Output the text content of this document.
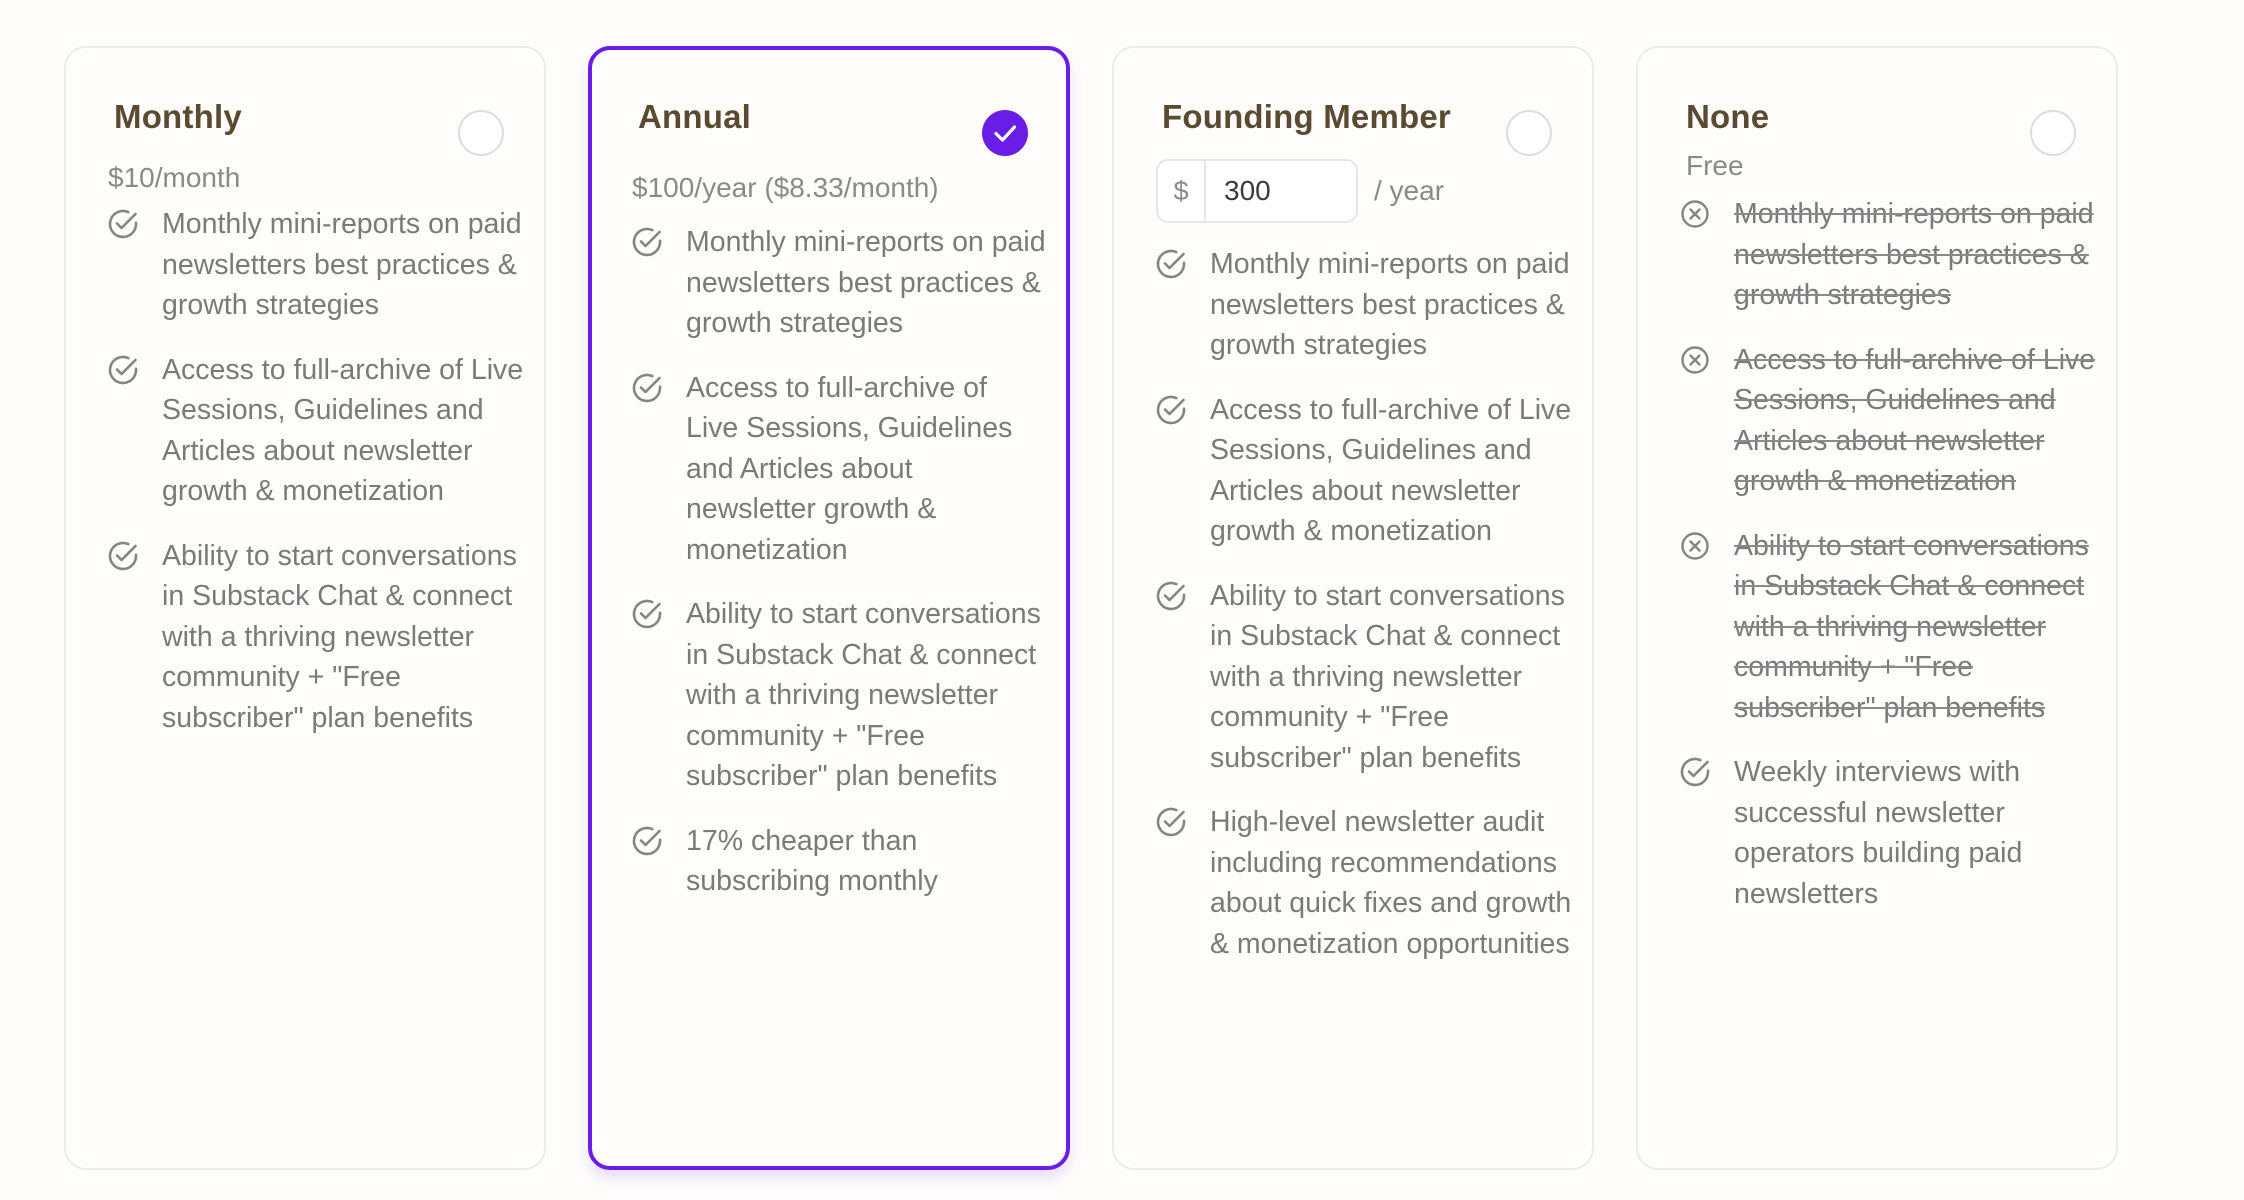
Monthly
$10/month
Monthly mini-reports on paid newsletters best practices & growth strategies
Access to full-archive of Live Sessions, Guidelines and Articles about newsletter growth & monetization
Ability to start conversations in Substack Chat & connect with a thriving newsletter community + "Free subscriber" plan benefits
Annual
$100/year ($8.33/month)
Monthly mini-reports on paid newsletters best practices & growth strategies
Access to full-archive of Live Sessions, Guidelines and Articles about newsletter growth & monetization
Ability to start conversations in Substack Chat & connect with a thriving newsletter community + "Free subscriber" plan benefits
17% cheaper than subscribing monthly
Founding Member
$
300	/ year
Monthly mini-reports on paid newsletters best practices & growth strategies
Access to full-archive of Live Sessions, Guidelines and Articles about newsletter growth & monetization
Ability to start conversations in Substack Chat & connect with a thriving newsletter community + "Free subscriber" plan benefits
High-level newsletter audit including recommendations about quick fixes and growth & monetization opportunities
None
Free
Monthly mini-reports on paid newsletters best practices & growth strategies
Access to full-archive of Live Sessions, Guidelines and Articles about newsletter growth & monetization
Ability to start conversations in Substack Chat & connect with a thriving newsletter community + "Free subscriber" plan benefits
Weekly interviews with successful newsletter operators building paid newsletters
